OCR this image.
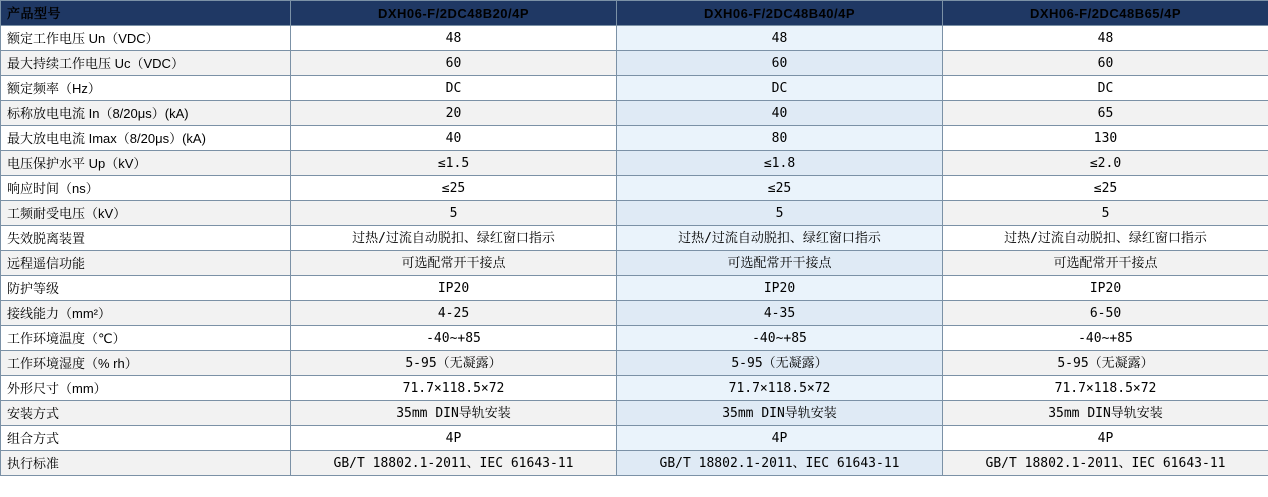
产品型号	DXH06-F/2DC48B20/4P	DXH06-F/2DC48B40/4P	DXH06-F/2DC48B65/4P
额定工作电压 Un（VDC）	48	48	48
最大持续工作电压 Uc（VDC）	60	60	60
额定频率（Hz）	DC	DC	DC
标称放电电流 In（8/20μs）(kA)	20	40	65
最大放电电流 Imax（8/20μs）(kA)	40	80	130
电压保护水平 Up（kV）	≤1.5	≤1.8	≤2.0
响应时间（ns）	≤25	≤25	≤25
工频耐受电压（kV）	5	5	5
失效脱离装置	过热/过流自动脱扣、绿红窗口指示	过热/过流自动脱扣、绿红窗口指示	过热/过流自动脱扣、绿红窗口指示
远程遥信功能	可选配常开干接点	可选配常开干接点	可选配常开干接点
防护等级	IP20	IP20	IP20
接线能力（mm²）	4-25	4-35	6-50
工作环境温度（℃）	-40~+85	-40~+85	-40~+85
工作环境湿度（% rh）	5-95（无凝露）	5-95（无凝露）	5-95（无凝露）
外形尺寸（mm）	71.7×118.5×72	71.7×118.5×72	71.7×118.5×72
安装方式	35mm DIN导轨安装	35mm DIN导轨安装	35mm DIN导轨安装
组合方式	4P	4P	4P
执行标准	GB/T 18802.1-2011、IEC 61643-11	GB/T 18802.1-2011、IEC 61643-11	GB/T 18802.1-2011、IEC 61643-11
